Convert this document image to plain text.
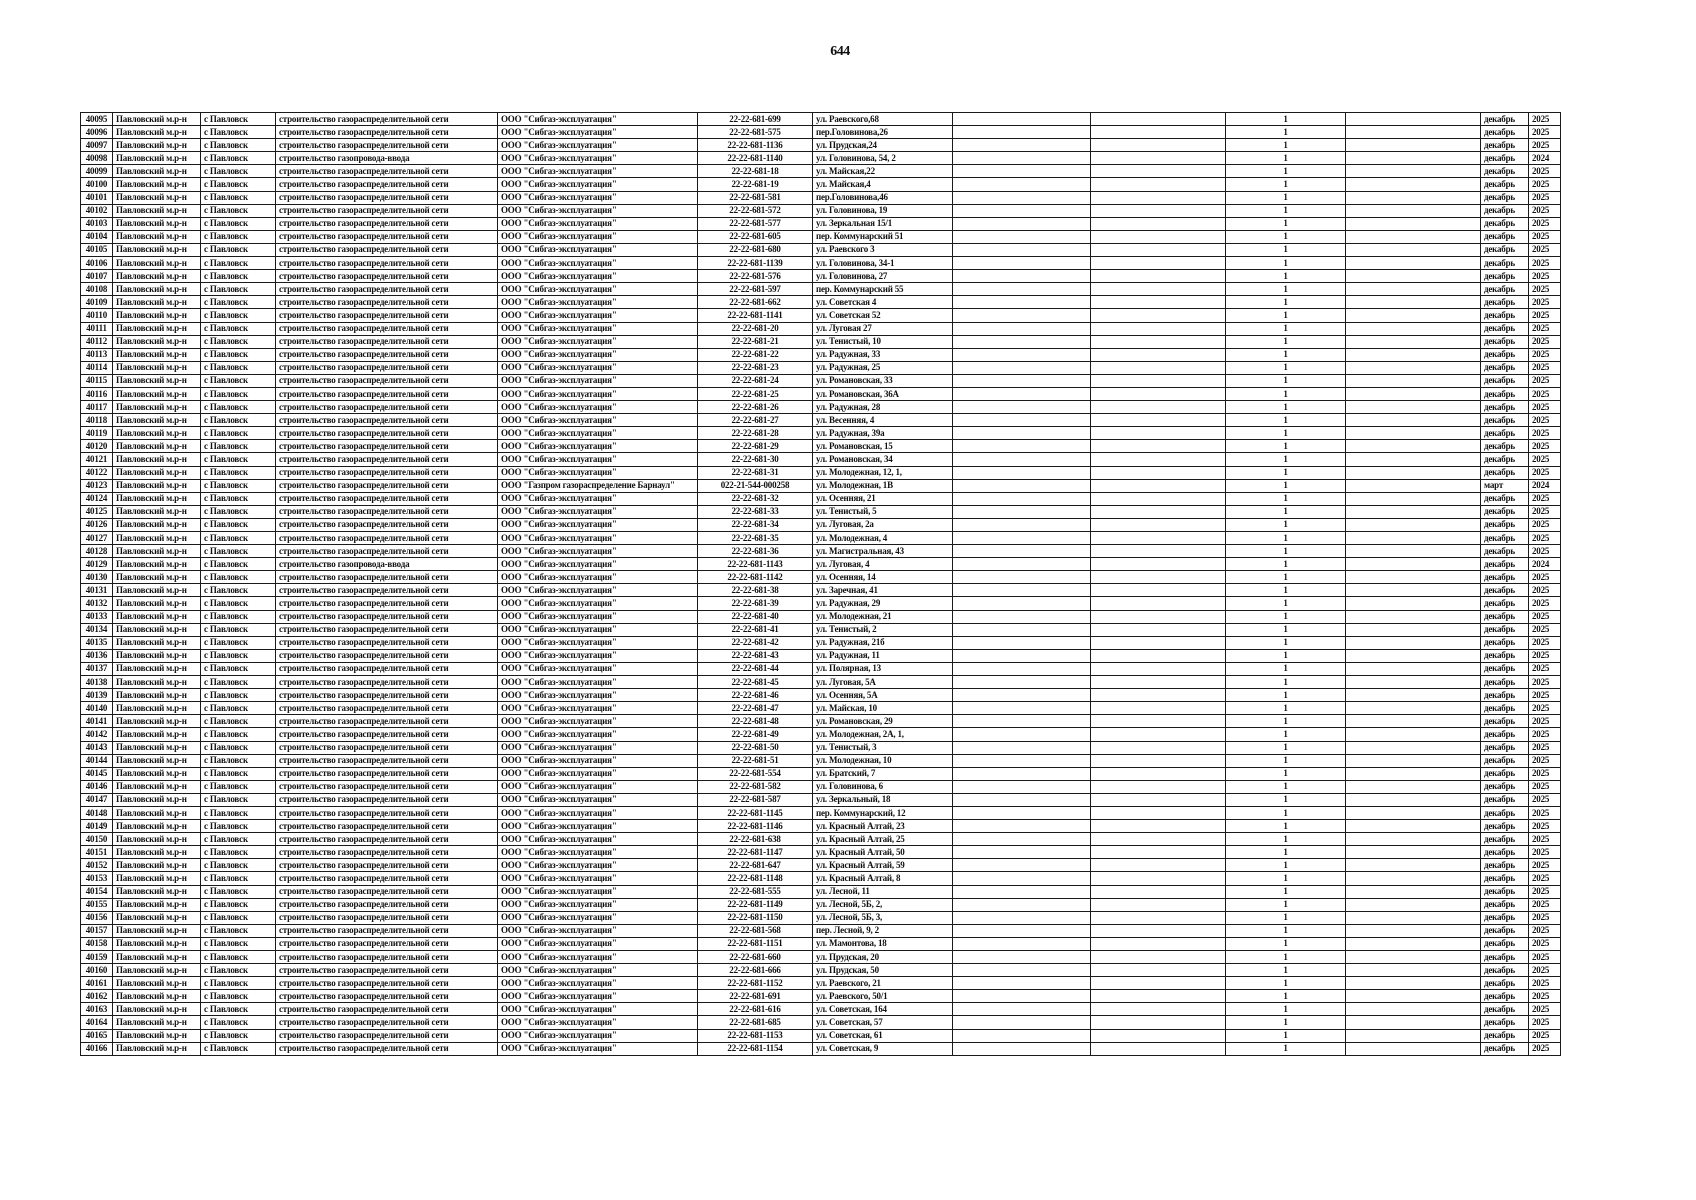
644
40095	Павловский м.р-н	с Павловск	строительство газораспределительной сети	ООО "Сибгаз-эксплуатация"	22-22-681-699	ул. Раевского,68			1		декабрь	2025
40096	Павловский м.р-н	с Павловск	строительство газораспределительной сети	ООО "Сибгаз-эксплуатация"	22-22-681-575	пер.Головинова,26			1		декабрь	2025
40097	Павловский м.р-н	с Павловск	строительство газораспределительной сети	ООО "Сибгаз-эксплуатация"	22-22-681-1136	ул. Прудская,24			1		декабрь	2025
40098	Павловский м.р-н	с Павловск	строительство газопровода-ввода	ООО "Сибгаз-эксплуатация"	22-22-681-1140	ул. Головинова, 54, 2			1		декабрь	2024
40099	Павловский м.р-н	с Павловск	строительство газораспределительной сети	ООО "Сибгаз-эксплуатация"	22-22-681-18	ул. Майская,22			1		декабрь	2025
40100	Павловский м.р-н	с Павловск	строительство газораспределительной сети	ООО "Сибгаз-эксплуатация"	22-22-681-19	ул. Майская,4			1		декабрь	2025
40101	Павловский м.р-н	с Павловск	строительство газораспределительной сети	ООО "Сибгаз-эксплуатация"	22-22-681-581	пер.Головинова,46			1		декабрь	2025
40102	Павловский м.р-н	с Павловск	строительство газораспределительной сети	ООО "Сибгаз-эксплуатация"	22-22-681-572	ул. Головинова, 19			1		декабрь	2025
40103	Павловский м.р-н	с Павловск	строительство газораспределительной сети	ООО "Сибгаз-эксплуатация"	22-22-681-577	ул. Зеркальная 15/1			1		декабрь	2025
40104	Павловский м.р-н	с Павловск	строительство газораспределительной сети	ООО "Сибгаз-эксплуатация"	22-22-681-605	пер. Коммунарский 51			1		декабрь	2025
40105	Павловский м.р-н	с Павловск	строительство газораспределительной сети	ООО "Сибгаз-эксплуатация"	22-22-681-680	ул. Раевского 3			1		декабрь	2025
40106	Павловский м.р-н	с Павловск	строительство газораспределительной сети	ООО "Сибгаз-эксплуатация"	22-22-681-1139	ул. Головинова, 34-1			1		декабрь	2025
40107	Павловский м.р-н	с Павловск	строительство газораспределительной сети	ООО "Сибгаз-эксплуатация"	22-22-681-576	ул. Головинова, 27			1		декабрь	2025
40108	Павловский м.р-н	с Павловск	строительство газораспределительной сети	ООО "Сибгаз-эксплуатация"	22-22-681-597	пер. Коммунарский 55			1		декабрь	2025
40109	Павловский м.р-н	с Павловск	строительство газораспределительной сети	ООО "Сибгаз-эксплуатация"	22-22-681-662	ул. Советская 4			1		декабрь	2025
40110	Павловский м.р-н	с Павловск	строительство газораспределительной сети	ООО "Сибгаз-эксплуатация"	22-22-681-1141	ул. Советская 52			1		декабрь	2025
40111	Павловский м.р-н	с Павловск	строительство газораспределительной сети	ООО "Сибгаз-эксплуатация"	22-22-681-20	ул. Луговая 27			1		декабрь	2025
40112	Павловский м.р-н	с Павловск	строительство газораспределительной сети	ООО "Сибгаз-эксплуатация"	22-22-681-21	ул. Тенистый, 10			1		декабрь	2025
40113	Павловский м.р-н	с Павловск	строительство газораспределительной сети	ООО "Сибгаз-эксплуатация"	22-22-681-22	ул. Радужная, 33			1		декабрь	2025
40114	Павловский м.р-н	с Павловск	строительство газораспределительной сети	ООО "Сибгаз-эксплуатация"	22-22-681-23	ул. Радужная, 25			1		декабрь	2025
40115	Павловский м.р-н	с Павловск	строительство газораспределительной сети	ООО "Сибгаз-эксплуатация"	22-22-681-24	ул. Романовская, 33			1		декабрь	2025
40116	Павловский м.р-н	с Павловск	строительство газораспределительной сети	ООО "Сибгаз-эксплуатация"	22-22-681-25	ул. Романовская, 36А			1		декабрь	2025
40117	Павловский м.р-н	с Павловск	строительство газораспределительной сети	ООО "Сибгаз-эксплуатация"	22-22-681-26	ул. Радужная, 28			1		декабрь	2025
40118	Павловский м.р-н	с Павловск	строительство газораспределительной сети	ООО "Сибгаз-эксплуатация"	22-22-681-27	ул. Весенняя, 4			1		декабрь	2025
40119	Павловский м.р-н	с Павловск	строительство газораспределительной сети	ООО "Сибгаз-эксплуатация"	22-22-681-28	ул. Радужная, 39а			1		декабрь	2025
40120	Павловский м.р-н	с Павловск	строительство газораспределительной сети	ООО "Сибгаз-эксплуатация"	22-22-681-29	ул. Романовская, 15			1		декабрь	2025
40121	Павловский м.р-н	с Павловск	строительство газораспределительной сети	ООО "Сибгаз-эксплуатация"	22-22-681-30	ул. Романовская, 34			1		декабрь	2025
40122	Павловский м.р-н	с Павловск	строительство газораспределительной сети	ООО "Сибгаз-эксплуатация"	22-22-681-31	ул. Молодежная, 12, 1,			1		декабрь	2025
40123	Павловский м.р-н	с Павловск	строительство газораспределительной сети	ООО "Газпром газораспределение Барнаул"	022-21-544-000258	ул. Молодежная, 1В			1		март	2024
40124	Павловский м.р-н	с Павловск	строительство газораспределительной сети	ООО "Сибгаз-эксплуатация"	22-22-681-32	ул. Осенняя, 21			1		декабрь	2025
40125	Павловский м.р-н	с Павловск	строительство газораспределительной сети	ООО "Сибгаз-эксплуатация"	22-22-681-33	ул. Тенистый, 5			1		декабрь	2025
40126	Павловский м.р-н	с Павловск	строительство газораспределительной сети	ООО "Сибгаз-эксплуатация"	22-22-681-34	ул. Луговая, 2а			1		декабрь	2025
40127	Павловский м.р-н	с Павловск	строительство газораспределительной сети	ООО "Сибгаз-эксплуатация"	22-22-681-35	ул. Молодежная, 4			1		декабрь	2025
40128	Павловский м.р-н	с Павловск	строительство газораспределительной сети	ООО "Сибгаз-эксплуатация"	22-22-681-36	ул. Магистральная, 43			1		декабрь	2025
40129	Павловский м.р-н	с Павловск	строительство газопровода-ввода	ООО "Сибгаз-эксплуатация"	22-22-681-1143	ул. Луговая, 4			1		декабрь	2024
40130	Павловский м.р-н	с Павловск	строительство газораспределительной сети	ООО "Сибгаз-эксплуатация"	22-22-681-1142	ул. Осенняя, 14			1		декабрь	2025
40131	Павловский м.р-н	с Павловск	строительство газораспределительной сети	ООО "Сибгаз-эксплуатация"	22-22-681-38	ул. Заречная, 41			1		декабрь	2025
40132	Павловский м.р-н	с Павловск	строительство газораспределительной сети	ООО "Сибгаз-эксплуатация"	22-22-681-39	ул. Радужная, 29			1		декабрь	2025
40133	Павловский м.р-н	с Павловск	строительство газораспределительной сети	ООО "Сибгаз-эксплуатация"	22-22-681-40	ул. Молодежная, 21			1		декабрь	2025
40134	Павловский м.р-н	с Павловск	строительство газораспределительной сети	ООО "Сибгаз-эксплуатация"	22-22-681-41	ул. Тенистый, 2			1		декабрь	2025
40135	Павловский м.р-н	с Павловск	строительство газораспределительной сети	ООО "Сибгаз-эксплуатация"	22-22-681-42	ул. Радужная, 21б			1		декабрь	2025
40136	Павловский м.р-н	с Павловск	строительство газораспределительной сети	ООО "Сибгаз-эксплуатация"	22-22-681-43	ул. Радужная, 11			1		декабрь	2025
40137	Павловский м.р-н	с Павловск	строительство газораспределительной сети	ООО "Сибгаз-эксплуатация"	22-22-681-44	ул. Полярная, 13			1		декабрь	2025
40138	Павловский м.р-н	с Павловск	строительство газораспределительной сети	ООО "Сибгаз-эксплуатация"	22-22-681-45	ул. Луговая, 5А			1		декабрь	2025
40139	Павловский м.р-н	с Павловск	строительство газораспределительной сети	ООО "Сибгаз-эксплуатация"	22-22-681-46	ул. Осенняя, 5А			1		декабрь	2025
40140	Павловский м.р-н	с Павловск	строительство газораспределительной сети	ООО "Сибгаз-эксплуатация"	22-22-681-47	ул. Майская, 10			1		декабрь	2025
40141	Павловский м.р-н	с Павловск	строительство газораспределительной сети	ООО "Сибгаз-эксплуатация"	22-22-681-48	ул. Романовская, 29			1		декабрь	2025
40142	Павловский м.р-н	с Павловск	строительство газораспределительной сети	ООО "Сибгаз-эксплуатация"	22-22-681-49	ул. Молодежная, 2А, 1,			1		декабрь	2025
40143	Павловский м.р-н	с Павловск	строительство газораспределительной сети	ООО "Сибгаз-эксплуатация"	22-22-681-50	ул. Тенистый, 3			1		декабрь	2025
40144	Павловский м.р-н	с Павловск	строительство газораспределительной сети	ООО "Сибгаз-эксплуатация"	22-22-681-51	ул. Молодежная, 10			1		декабрь	2025
40145	Павловский м.р-н	с Павловск	строительство газораспределительной сети	ООО "Сибгаз-эксплуатация"	22-22-681-554	ул. Братский, 7			1		декабрь	2025
40146	Павловский м.р-н	с Павловск	строительство газораспределительной сети	ООО "Сибгаз-эксплуатация"	22-22-681-582	ул. Головинова, 6			1		декабрь	2025
40147	Павловский м.р-н	с Павловск	строительство газораспределительной сети	ООО "Сибгаз-эксплуатация"	22-22-681-587	ул. Зеркальный, 18			1		декабрь	2025
40148	Павловский м.р-н	с Павловск	строительство газораспределительной сети	ООО "Сибгаз-эксплуатация"	22-22-681-1145	пер. Коммунарский, 12			1		декабрь	2025
40149	Павловский м.р-н	с Павловск	строительство газораспределительной сети	ООО "Сибгаз-эксплуатация"	22-22-681-1146	ул. Красный Алтай, 23			1		декабрь	2025
40150	Павловский м.р-н	с Павловск	строительство газораспределительной сети	ООО "Сибгаз-эксплуатация"	22-22-681-638	ул. Красный Алтай, 25			1		декабрь	2025
40151	Павловский м.р-н	с Павловск	строительство газораспределительной сети	ООО "Сибгаз-эксплуатация"	22-22-681-1147	ул. Красный Алтай, 50			1		декабрь	2025
40152	Павловский м.р-н	с Павловск	строительство газораспределительной сети	ООО "Сибгаз-эксплуатация"	22-22-681-647	ул. Красный Алтай, 59			1		декабрь	2025
40153	Павловский м.р-н	с Павловск	строительство газораспределительной сети	ООО "Сибгаз-эксплуатация"	22-22-681-1148	ул. Красный Алтай, 8			1		декабрь	2025
40154	Павловский м.р-н	с Павловск	строительство газораспределительной сети	ООО "Сибгаз-эксплуатация"	22-22-681-555	ул. Лесной, 11			1		декабрь	2025
40155	Павловский м.р-н	с Павловск	строительство газораспределительной сети	ООО "Сибгаз-эксплуатация"	22-22-681-1149	ул. Лесной, 5Б, 2,			1		декабрь	2025
40156	Павловский м.р-н	с Павловск	строительство газораспределительной сети	ООО "Сибгаз-эксплуатация"	22-22-681-1150	ул. Лесной, 5Б, 3,			1		декабрь	2025
40157	Павловский м.р-н	с Павловск	строительство газораспределительной сети	ООО "Сибгаз-эксплуатация"	22-22-681-568	пер. Лесной, 9, 2			1		декабрь	2025
40158	Павловский м.р-н	с Павловск	строительство газораспределительной сети	ООО "Сибгаз-эксплуатация"	22-22-681-1151	ул. Мамонтова, 18			1		декабрь	2025
40159	Павловский м.р-н	с Павловск	строительство газораспределительной сети	ООО "Сибгаз-эксплуатация"	22-22-681-660	ул. Прудская, 20			1		декабрь	2025
40160	Павловский м.р-н	с Павловск	строительство газораспределительной сети	ООО "Сибгаз-эксплуатация"	22-22-681-666	ул. Прудская, 50			1		декабрь	2025
40161	Павловский м.р-н	с Павловск	строительство газораспределительной сети	ООО "Сибгаз-эксплуатация"	22-22-681-1152	ул. Раевского, 21			1		декабрь	2025
40162	Павловский м.р-н	с Павловск	строительство газораспределительной сети	ООО "Сибгаз-эксплуатация"	22-22-681-691	ул. Раевского, 50/1			1		декабрь	2025
40163	Павловский м.р-н	с Павловск	строительство газораспределительной сети	ООО "Сибгаз-эксплуатация"	22-22-681-616	ул. Советская, 164			1		декабрь	2025
40164	Павловский м.р-н	с Павловск	строительство газораспределительной сети	ООО "Сибгаз-эксплуатация"	22-22-681-685	ул. Советская, 57			1		декабрь	2025
40165	Павловский м.р-н	с Павловск	строительство газораспределительной сети	ООО "Сибгаз-эксплуатация"	22-22-681-1153	ул. Советская, 61			1		декабрь	2025
40166	Павловский м.р-н	с Павловск	строительство газораспределительной сети	ООО "Сибгаз-эксплуатация"	22-22-681-1154	ул. Советская, 9			1		декабрь	2025
